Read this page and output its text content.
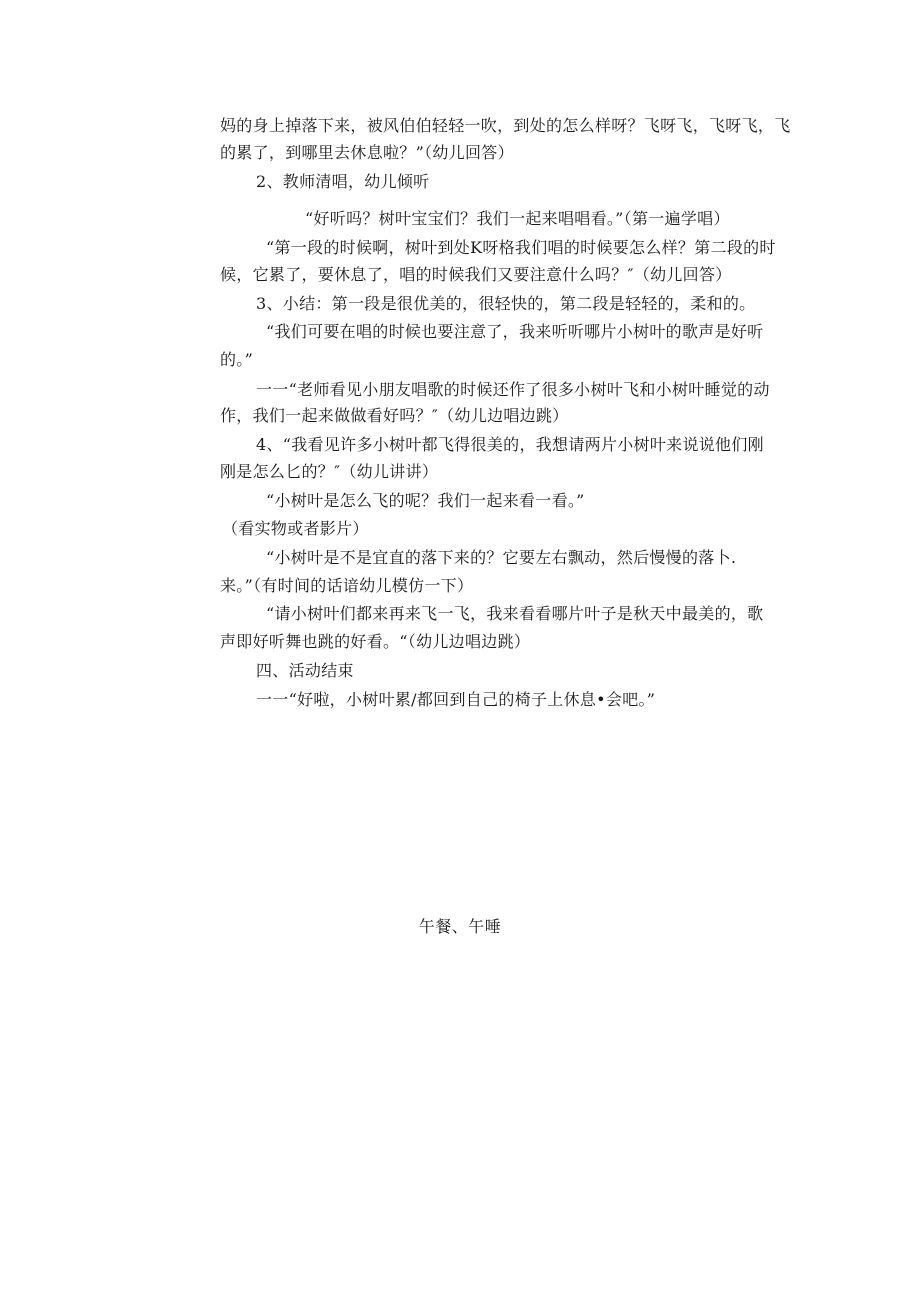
妈的身上掉落下来，被风伯伯轻轻一吹，到处的怎么样呀？飞呀飞，飞呀飞，飞
的累了，到哪里去休息啦？”（幼儿回答）
2、教师清唱，幼儿倾听
“好听吗？树叶宝宝们？我们一起来唱唱看。”（第一遍学唱）
“第一段的时候啊，树叶到处K呀格我们唱的时候要怎么样？第二段的时
候，它累了，要休息了，唱的时候我们又要注意什么吗？″（幼儿回答）
3、小结：第一段是很优美的，很轻快的，第二段是轻轻的，柔和的。
“我们可要在唱的时候也要注意了，我来听听哪片小树叶的歌声是好听
的。”
一一“老师看见小朋友唱歌的时候还作了很多小树叶飞和小树叶睡觉的动
作，我们一起来做做看好吗？″（幼儿边唱边跳）
4、“我看见许多小树叶都飞得很美的，我想请两片小树叶来说说他们刚
刚是怎么匕的？″（幼儿讲讲）
“小树叶是怎么飞的呢？我们一起来看一看。”
（看实物或者影片）
“小树叶是不是宜直的落下来的？它要左右飘动，然后慢慢的落卜.
来。”（有时间的话谙幼儿模仿一下）
“请小树叶们都来再来飞一飞，我来看看哪片叶子是秋天中最美的，歌
声即好听舞也跳的好看。“（幼儿边唱边跳）
四、活动结束
一一“好啦，小树叶累/都回到自己的椅子上休息•会吧。”
午餐、午唾
